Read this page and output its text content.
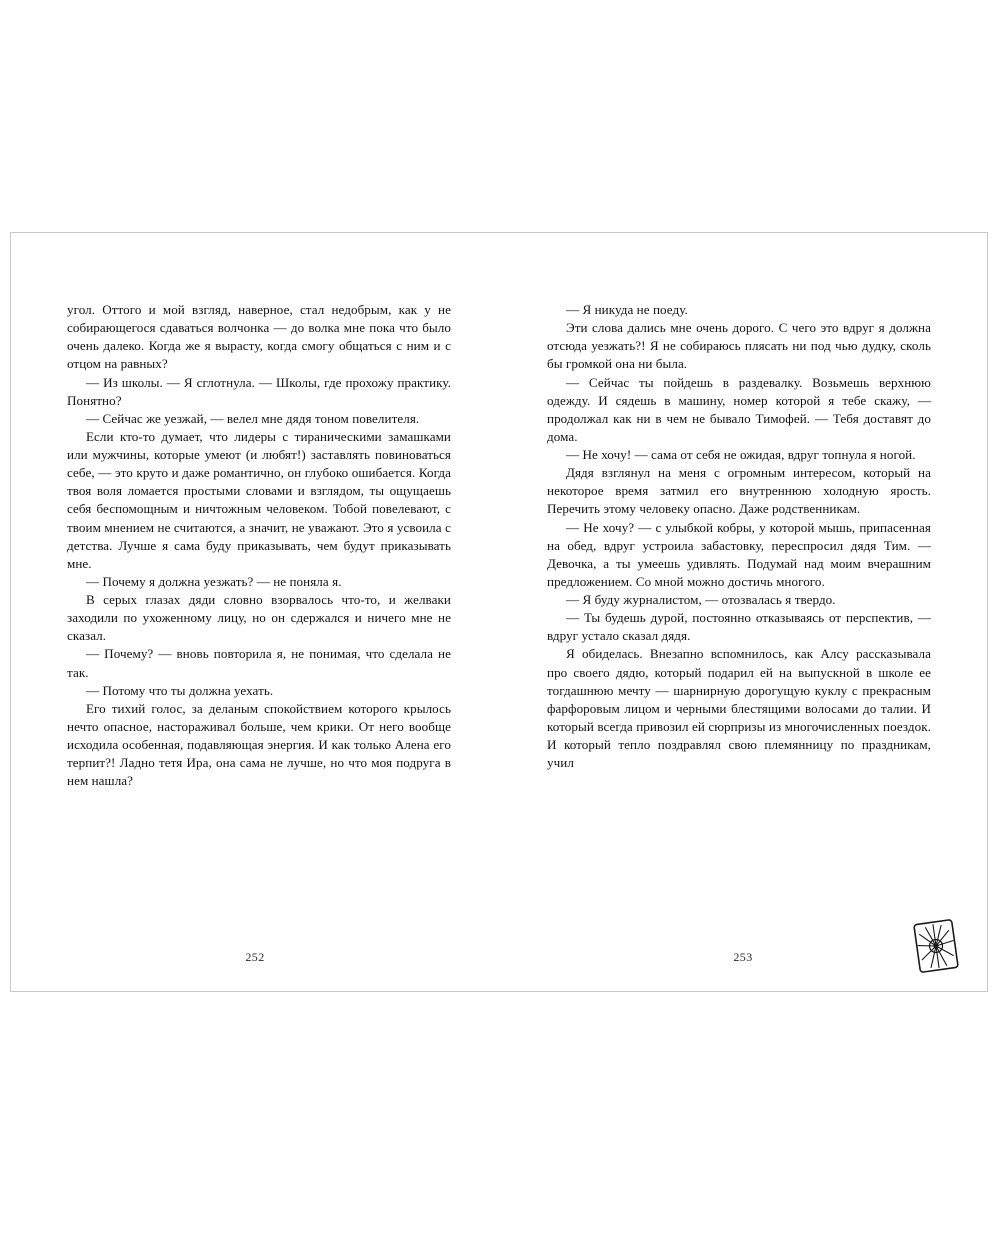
угол. Оттого и мой взгляд, наверное, стал недобрым, как у не собирающегося сдаваться волчонка — до волка мне пока что было очень далеко. Когда же я вырасту, когда смогу общаться с ним и с отцом на равных?

— Из школы. — Я сглотнула. — Школы, где прохожу практику. Понятно?

— Сейчас же уезжай, — велел мне дядя тоном повелителя.

Если кто-то думает, что лидеры с тираническими замашками или мужчины, которые умеют (и любят!) заставлять повиноваться себе, — это круто и даже романтично, он глубоко ошибается. Когда твоя воля ломается простыми словами и взглядом, ты ощущаешь себя беспомощным и ничтожным человеком. Тобой повелевают, с твоим мнением не считаются, а значит, не уважают. Это я усвоила с детства. Лучше я сама буду приказывать, чем будут приказывать мне.

— Почему я должна уезжать? — не поняла я.

В серых глазах дяди словно взорвалось что-то, и желваки заходили по ухоженному лицу, но он сдержался и ничего мне не сказал.

— Почему? — вновь повторила я, не понимая, что сделала не так.

— Потому что ты должна уехать.

Его тихий голос, за деланым спокойствием которого крылось нечто опасное, настораживал больше, чем крики. От него вообще исходила особенная, подавляющая энергия. И как только Алена его терпит?! Ладно тетя Ира, она сама не лучше, но что моя подруга в нем нашла?

252

— Я никуда не поеду.

Эти слова дались мне очень дорого. С чего это вдруг я должна отсюда уезжать?! Я не собираюсь плясать ни под чью дудку, сколь бы громкой она ни была.

— Сейчас ты пойдешь в раздевалку. Возьмешь верхнюю одежду. И сядешь в машину, номер которой я тебе скажу, — продолжал как ни в чем не бывало Тимофей. — Тебя доставят до дома.

— Не хочу! — сама от себя не ожидая, вдруг топнула я ногой.

Дядя взглянул на меня с огромным интересом, который на некоторое время затмил его внутреннюю холодную ярость. Перечить этому человеку опасно. Даже родственникам.

— Не хочу? — с улыбкой кобры, у которой мышь, припасенная на обед, вдруг устроила забастовку, переспросил дядя Тим. — Девочка, а ты умеешь удивлять. Подумай над моим вчерашним предложением. Со мной можно достичь многого.

— Я буду журналистом, — отозвалась я твердо.

— Ты будешь дурой, постоянно отказываясь от перспектив, — вдруг устало сказал дядя.

Я обиделась. Внезапно вспомнилось, как Алсу рассказывала про своего дядю, который подарил ей на выпускной в школе ее тогдашнюю мечту — шарнирную дорогущую куклу с прекрасным фарфоровым лицом и черными блестящими волосами до талии. И который всегда привозил ей сюрпризы из многочисленных поездок. И который тепло поздравлял свою племянницу по праздникам, учил

253
